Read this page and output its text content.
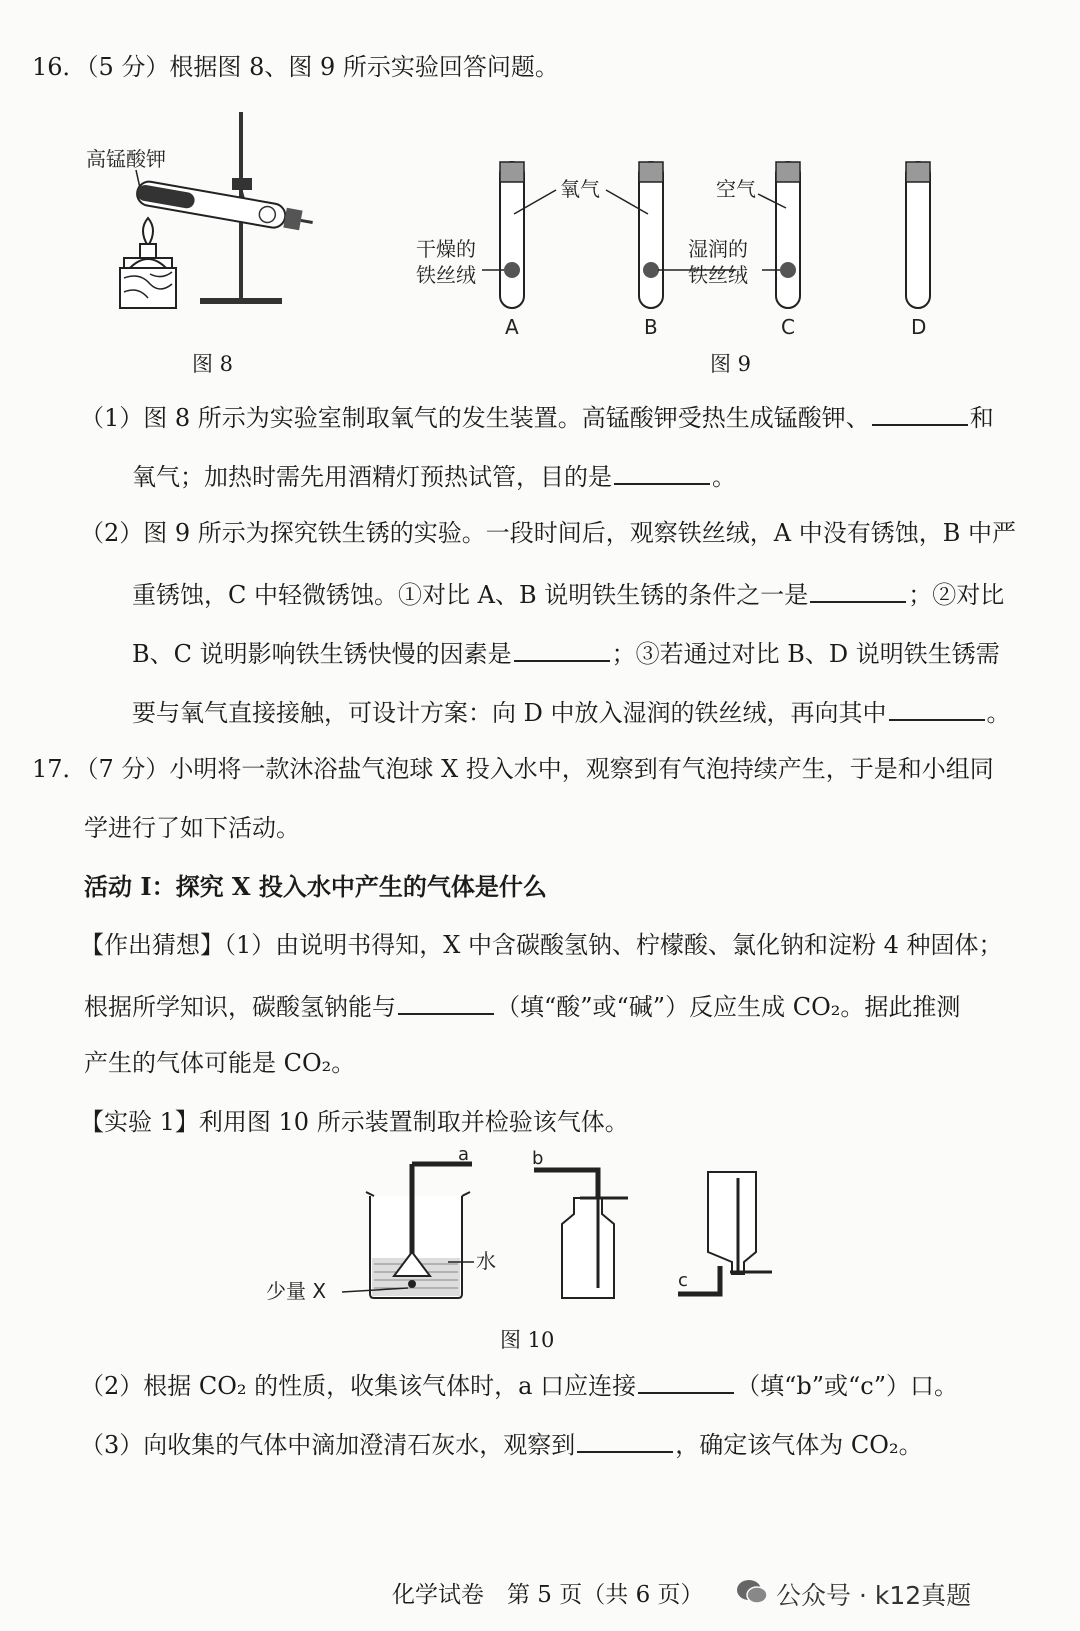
16．（5 分）根据图 8、图 9 所示实验回答问题。
高锰酸钾
图 8
氧气	空气
干燥的
铁丝绒
湿润的
铁丝绒
A	B	C	D
图 9
（1）图 8 所示为实验室制取氧气的发生装置。高锰酸钾受热生成锰酸钾、	和
氧气；加热时需先用酒精灯预热试管，目的是	。
（2）图 9 所示为探究铁生锈的实验。一段时间后，观察铁丝绒，A 中没有锈蚀，B 中严
重锈蚀，C 中轻微锈蚀。①对比 A、B 说明铁生锈的条件之一是	；②对比
B、C 说明影响铁生锈快慢的因素是	；③若通过对比 B、D 说明铁生锈需
要与氧气直接接触，可设计方案：向 D 中放入湿润的铁丝绒，再向其中	。
17．（7 分）小明将一款沐浴盐气泡球 X 投入水中，观察到有气泡持续产生，于是和小组同
学进行了如下活动。
活动 I：探究 X 投入水中产生的气体是什么
【作出猜想】（1）由说明书得知，X 中含碳酸氢钠、柠檬酸、氯化钠和淀粉 4 种固体；
根据所学知识，碳酸氢钠能与	（填“酸”或“碱”）反应生成 CO₂。据此推测
产生的气体可能是 CO₂。
【实验 1】利用图 10 所示装置制取并检验该气体。
a
水
少量 X
b
c
图 10
（2）根据 CO₂ 的性质，收集该气体时，a 口应连接	（填“b”或“c”）口。
（3）向收集的气体中滴加澄清石灰水，观察到	，确定该气体为 CO₂。
化学试卷　第 5 页（共 6 页）	公众号 · k12真题
